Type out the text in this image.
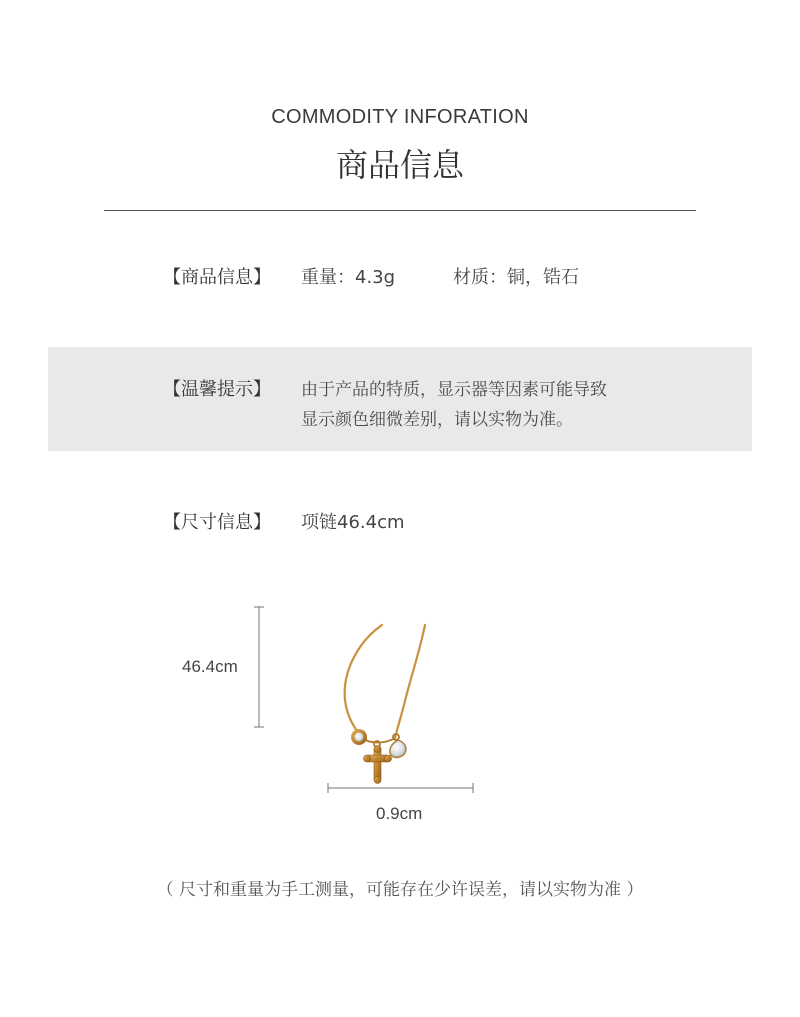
COMMODITY INFORATION
商品信息
【商品信息】 重量：4.3g	材质：铜，锆石
【温馨提示】 由于产品的特质，显示器等因素可能导致
显示颜色细微差别，请以实物为准。
【尺寸信息】 项链46.4cm
46.4cm
0.9cm
（ 尺寸和重量为手工测量，可能存在少许误差，请以实物为准 ）
